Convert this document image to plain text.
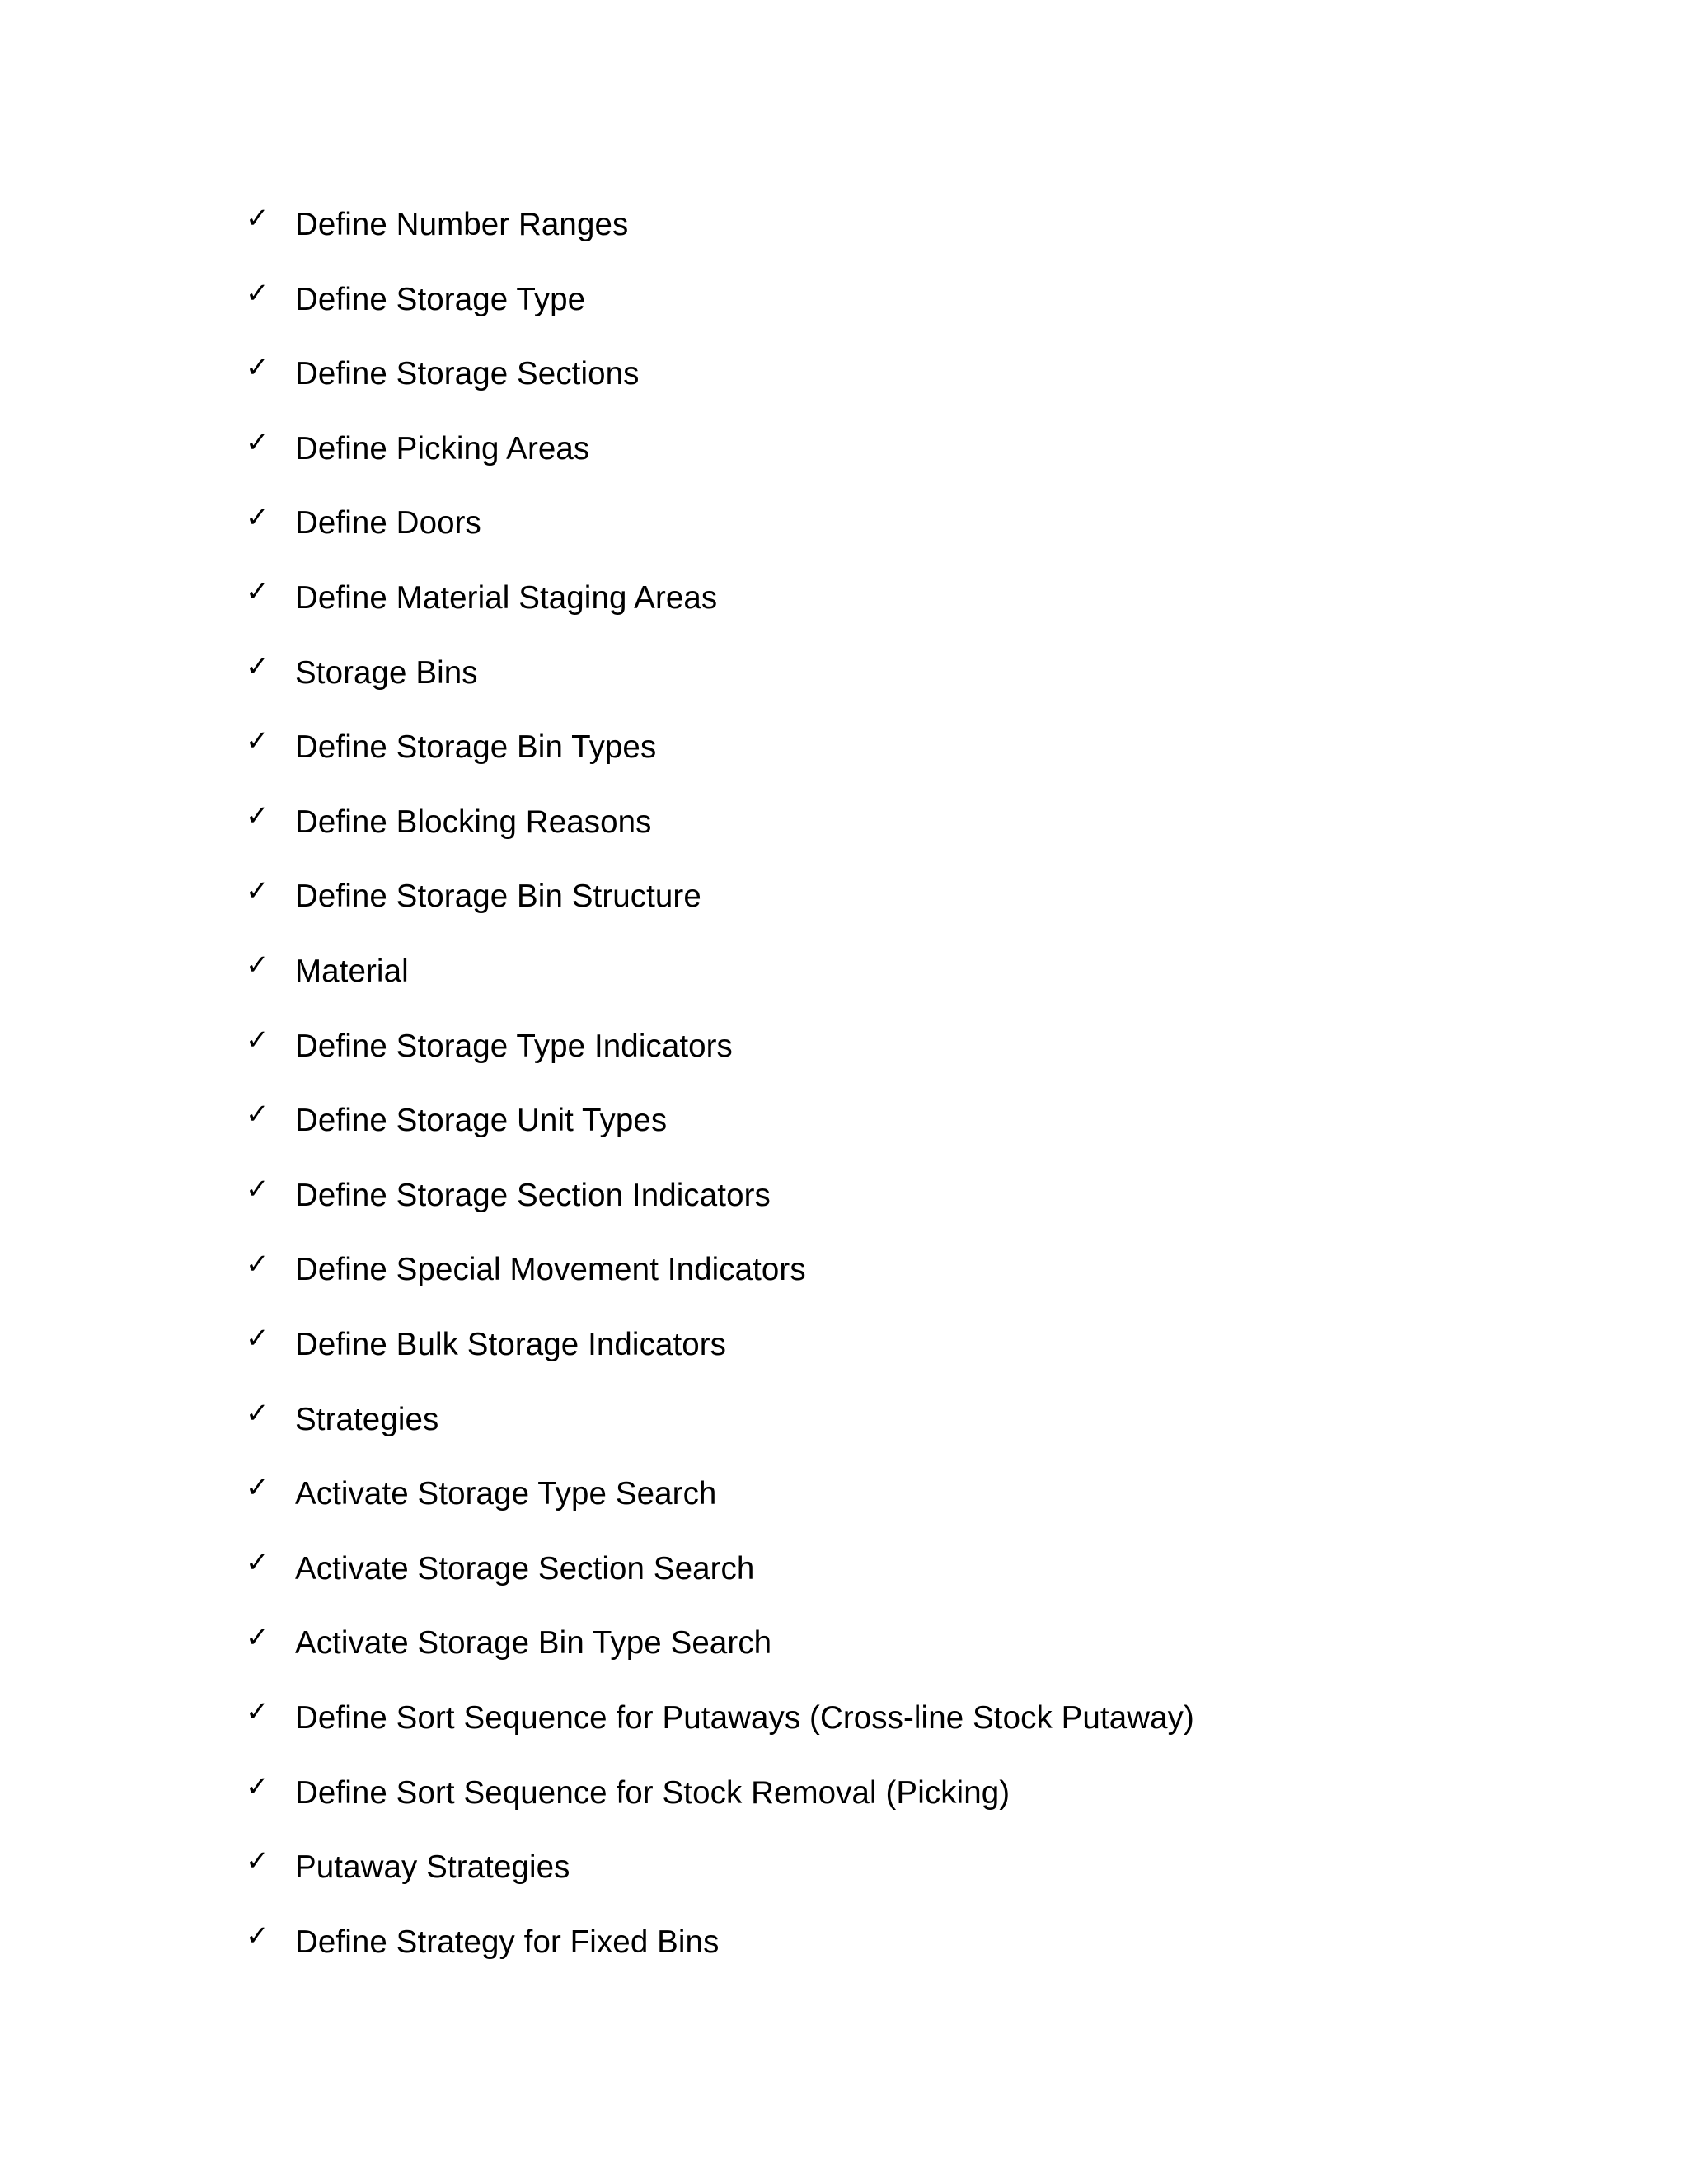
✓ Define Number Ranges
✓ Define Storage Type
✓ Define Storage Sections
✓ Define Picking Areas
✓ Define Doors
✓ Define Material Staging Areas
✓ Storage Bins
✓ Define Storage Bin Types
✓ Define Blocking Reasons
✓ Define Storage Bin Structure
✓ Material
✓ Define Storage Type Indicators
✓ Define Storage Unit Types
✓ Define Storage Section Indicators
✓ Define Special Movement Indicators
✓ Define Bulk Storage Indicators
✓ Strategies
✓ Activate Storage Type Search
✓ Activate Storage Section Search
✓ Activate Storage Bin Type Search
✓ Define Sort Sequence for Putaways (Cross-line Stock Putaway)
✓ Define Sort Sequence for Stock Removal (Picking)
✓ Putaway Strategies
✓ Define Strategy for Fixed Bins
